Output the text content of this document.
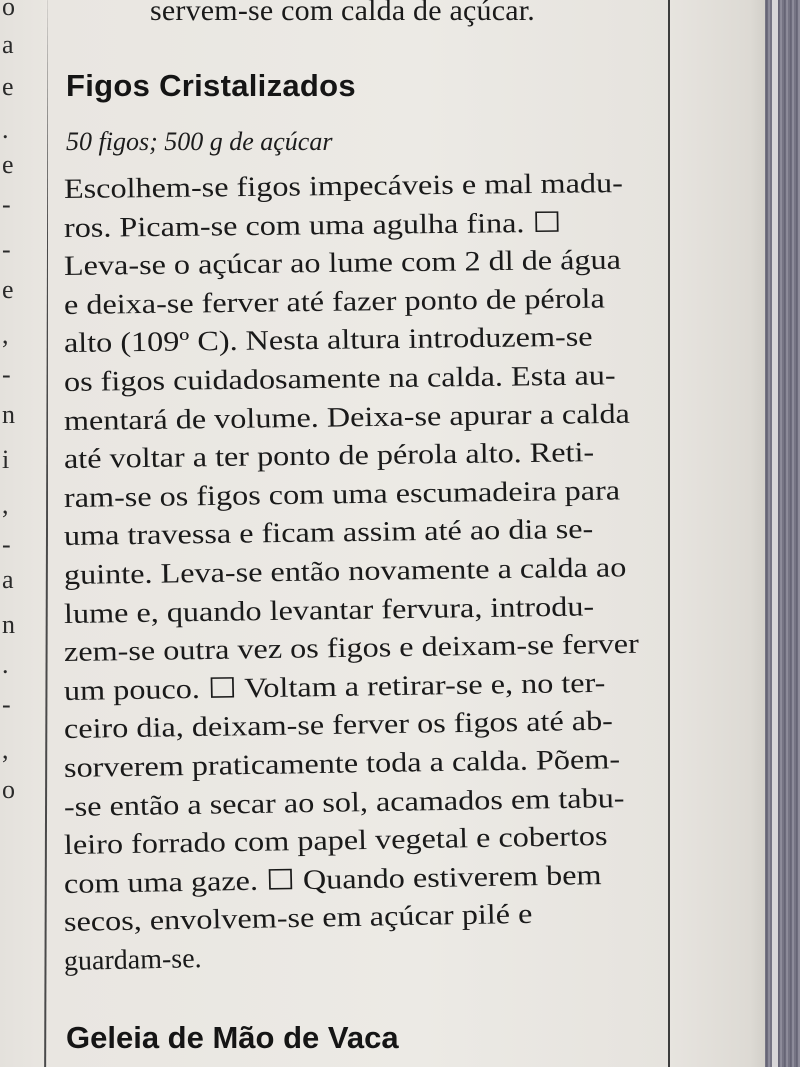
o
a
e
.
e
-
-
e
,
-
n
i
,
-
a
n
.
-
,
o
servem-se com calda de açúcar.
Figos Cristalizados

50 figos; 500 g de açúcar

Escolhem-se figos impecáveis e mal madu-
ros. Picam-se com uma agulha fina. ☐
Leva-se o açúcar ao lume com 2 dl de água
e deixa-se ferver até fazer ponto de pérola
alto (109º C). Nesta altura introduzem-se
os figos cuidadosamente na calda. Esta au-
mentará de volume. Deixa-se apurar a calda
até voltar a ter ponto de pérola alto. Reti-
ram-se os figos com uma escumadeira para
uma travessa e ficam assim até ao dia se-
guinte. Leva-se então novamente a calda ao
lume e, quando levantar fervura, introdu-
zem-se outra vez os figos e deixam-se ferver
um pouco. ☐ Voltam a retirar-se e, no ter-
ceiro dia, deixam-se ferver os figos até ab-
sorverem praticamente toda a calda. Põem-
-se então a secar ao sol, acamados em tabu-
leiro forrado com papel vegetal e cobertos
com uma gaze. ☐ Quando estiverem bem
secos, envolvem-se em açúcar pilé e
guardam-se.
Geleia de Mão de Vaca
